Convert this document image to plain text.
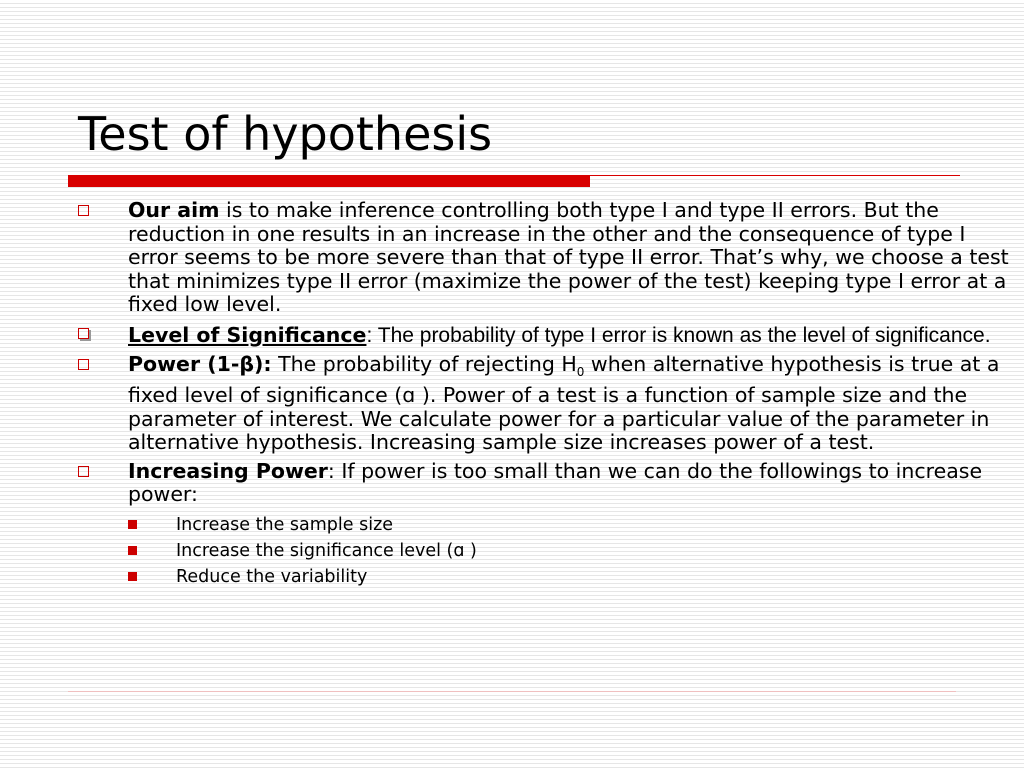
Test of hypothesis
Our aim is to make inference controlling both type I and type II errors. But the reduction in one results in an increase in the other and the consequence of type I error seems to be more severe than that of type II error. That’s why, we choose a test that minimizes type II error (maximize the power of the test) keeping type I error at a fixed low level.
Level of Significance: The probability of type I error is known as the level of significance.
Power (1-β): The probability of rejecting $H_0$ when alternative hypothesis is true at a fixed level of significance (ɑ ). Power of a test is a function of sample size and the parameter of interest. We calculate power for a particular value of the parameter in alternative hypothesis. Increasing sample size increases power of a test.
Increasing Power: If power is too small than we can do the followings to increase power:
Increase the sample size
Increase the significance level (ɑ )
Reduce the variability
